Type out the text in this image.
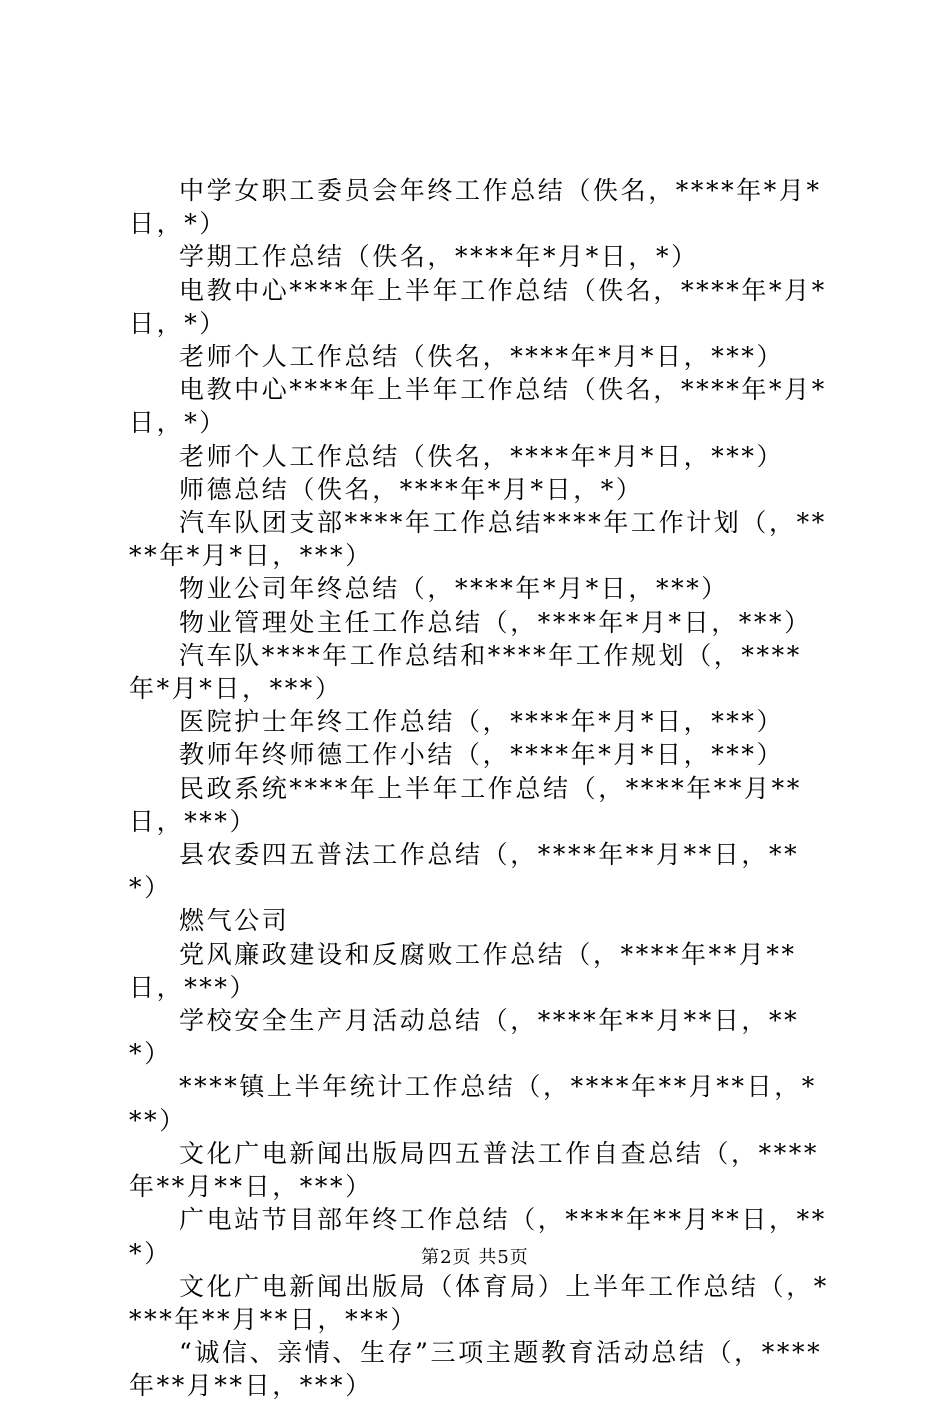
中学女职工委员会年终工作总结（佚名，****年*月*日，*）
学期工作总结（佚名，****年*月*日，*）
电教中心****年上半年工作总结（佚名，****年*月*日，*）
老师个人工作总结（佚名，****年*月*日，***）
电教中心****年上半年工作总结（佚名，****年*月*日，*）
老师个人工作总结（佚名，****年*月*日，***）
师德总结（佚名，****年*月*日，*）
汽车队团支部****年工作总结****年工作计划（，****年*月*日，***）
物业公司年终总结（，****年*月*日，***）
物业管理处主任工作总结（，****年*月*日，***）
汽车队****年工作总结和****年工作规划（，****年*月*日，***）
医院护士年终工作总结（，****年*月*日，***）
教师年终师德工作小结（，****年*月*日，***）
民政系统****年上半年工作总结（，****年**月**日，***）
县农委四五普法工作总结（，****年**月**日，***）
燃气公司
党风廉政建设和反腐败工作总结（，****年**月**日，***）
学校安全生产月活动总结（，****年**月**日，***）
****镇上半年统计工作总结（，****年**月**日，***）
文化广电新闻出版局四五普法工作自查总结（，****年**月**日，***）
广电站节目部年终工作总结（，****年**月**日，***）
文化广电新闻出版局（体育局）上半年工作总结（，****年**月**日，***）
“诚信、亲情、生存”三项主题教育活动总结（，****年**月**日，***）
第2页 共5页
